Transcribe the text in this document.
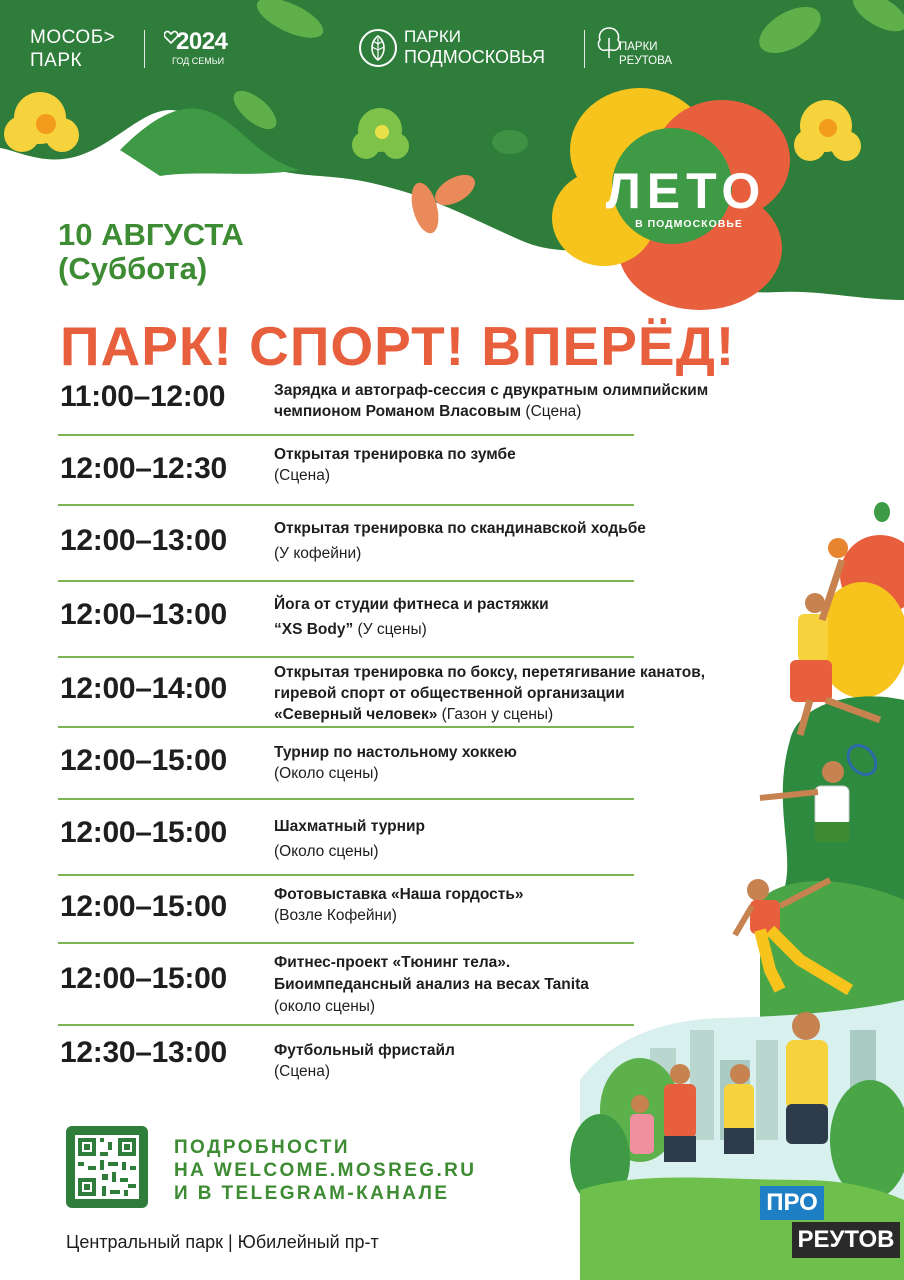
МОСОБ>
ПАРК
2024
ГОД СЕМЬИ
ПАРКИ
ПОДМОСКОВЬЯ	ПАРКИ
РЕУТОВА
ЛЕТО
В ПОДМОСКОВЬЕ
10 АВГУСТА
(Суббота)
ПАРК! СПОРТ! ВПЕРЁД!
11:00–12:00	Зарядка и автограф-сессия с двукратным олимпийским
чемпионом Романом Власовым (Сцена)
12:00–12:30	Открытая тренировка по зумбе
(Сцена)
12:00–13:00	Открытая тренировка по скандинавской ходьбе
(У кофейни)
12:00–13:00	Йога от студии фитнеса и растяжки
“XS Body” (У сцены)
12:00–14:00	Открытая тренировка по боксу, перетягивание канатов,
гиревой спорт от общественной организации
«Северный человек» (Газон у сцены)
12:00–15:00	Турнир по настольному хоккею
(Около сцены)
12:00–15:00	Шахматный турнир
(Около сцены)
12:00–15:00	Фотовыставка «Наша гордость»
(Возле Кофейни)
12:00–15:00	Фитнес-проект «Тюнинг тела».
Биоимпедансный анализ на весах Tanita
(около сцены)
12:30–13:00	Футбольный фристайл
(Сцена)
ПОДРОБНОСТИ
НА WELCOME.MOSREG.RU
И В TELEGRAM-КАНАЛЕ
Центральный парк | Юбилейный пр-т
ПРО
РЕУТОВ
